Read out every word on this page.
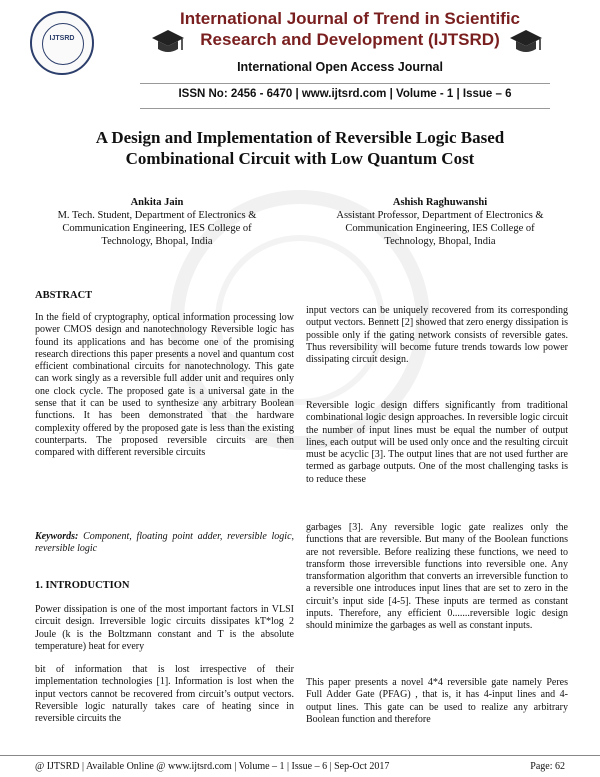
IJTSRD
International Journal of Trend in Scientific
Research and Development (IJTSRD)
International Open Access Journal
ISSN No: 2456 - 6470 | www.ijtsrd.com | Volume - 1 | Issue – 6
A Design and Implementation of Reversible Logic Based
Combinational Circuit with Low Quantum Cost
Ankita Jain
M. Tech. Student, Department of Electronics &
Communication Engineering, IES College of
Technology, Bhopal, India
Ashish Raghuwanshi
Assistant Professor, Department of Electronics &
Communication Engineering, IES College of
Technology, Bhopal, India
ABSTRACT

In the field of cryptography, optical information processing low power CMOS design and nanotechnology Reversible logic has found its applications and has become one of the promising research directions this paper presents a novel and quantum cost efficient combinational circuits for nanotechnology. This gate can work singly as a reversible full adder unit and requires only one clock cycle. The proposed gate is a universal gate in the sense that it can be used to synthesize any arbitrary Boolean functions. It has been demonstrated that the hardware complexity offered by the proposed gate is less than the existing counterparts. The proposed reversible circuits are then compared with different reversible circuits

Keywords: Component, floating point adder, reversible logic, reversible logic

1. INTRODUCTION

Power dissipation is one of the most important factors in VLSI circuit design. Irreversible logic circuits dissipates kT*log 2 Joule (k is the Boltzmann constant and T is the absolute temperature) heat for every

bit of information that is lost irrespective of their implementation technologies [1]. Information is lost when the input vectors cannot be recovered from circuit’s output vectors. Reversible logic naturally takes care of heating since in reversible circuits the

input vectors can be uniquely recovered from its corresponding output vectors. Bennett [2] showed that zero energy dissipation is possible only if the gating network consists of reversible gates. Thus reversibility will become future trends towards low power dissipating circuit design.

Reversible logic design differs significantly from traditional combinational logic design approaches. In reversible logic circuit the number of input lines must be equal the number of output lines, each output will be used only once and the resulting circuit must be acyclic [3]. The output lines that are not used further are termed as garbage outputs. One of the most challenging tasks is to reduce these

garbages [3]. Any reversible logic gate realizes only the functions that are reversible. But many of the Boolean functions are not reversible. Before realizing these functions, we need to transform those irreversible functions into reversible one. Any transformation algorithm that converts an irreversible function to a reversible one introduces input lines that are set to zero in the circuit’s input side [4-5]. These inputs are termed as constant inputs. Therefore, any efficient 0.......reversible logic design should minimize the garbages as well as constant inputs.

This paper presents a novel 4*4 reversible gate namely Peres Full Adder Gate (PFAG) , that is, it has 4-input lines and 4-output lines. This gate can be used to realize any arbitrary Boolean function and therefore

@ IJTSRD | Available Online @ www.ijtsrd.com | Volume – 1 | Issue – 6 | Sep-Oct 2017	Page: 62
